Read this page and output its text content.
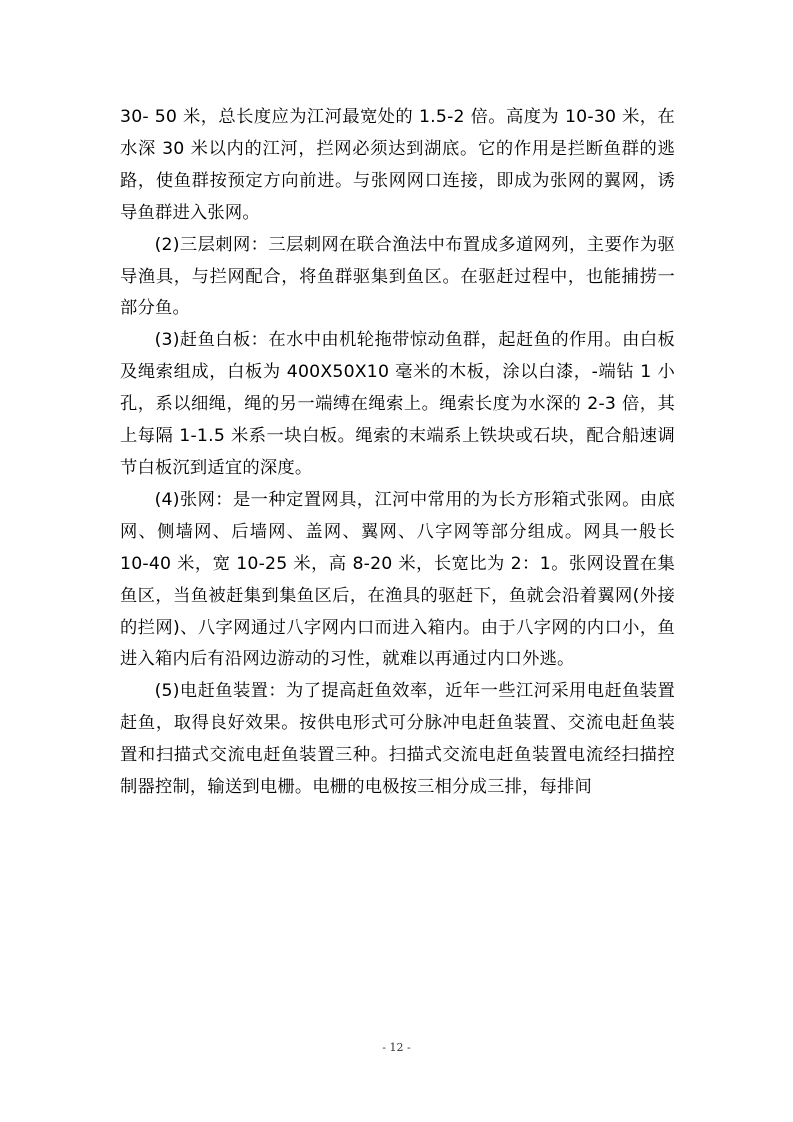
30- 50 米，总长度应为江河最宽处的 1.5-2 倍。高度为 10-30 米，在水深 30 米以内的江河，拦网必须达到湖底。它的作用是拦断鱼群的逃路，使鱼群按预定方向前进。与张网网口连接，即成为张网的翼网，诱导鱼群进入张网。

(2)三层刺网：三层刺网在联合渔法中布置成多道网列，主要作为驱导渔具，与拦网配合，将鱼群驱集到鱼区。在驱赶过程中，也能捕捞一部分鱼。

(3)赶鱼白板：在水中由机轮拖带惊动鱼群，起赶鱼的作用。由白板及绳索组成，白板为 400X50X10 毫米的木板，涂以白漆，-端钻 1 小孔，系以细绳，绳的另一端缚在绳索上。绳索长度为水深的 2-3 倍，其上每隔 1-1.5 米系一块白板。绳索的末端系上铁块或石块，配合船速调节白板沉到适宜的深度。

(4)张网：是一种定置网具，江河中常用的为长方形箱式张网。由底网、侧墙网、后墙网、盖网、翼网、八字网等部分组成。网具一般长 10-40 米，宽 10-25 米，高 8-20 米，长宽比为 2：1。张网设置在集鱼区，当鱼被赶集到集鱼区后，在渔具的驱赶下，鱼就会沿着翼网(外接的拦网)、八字网通过八字网内口而进入箱内。由于八字网的内口小，鱼进入箱内后有沿网边游动的习性，就难以再通过内口外逃。

(5)电赶鱼装置：为了提高赶鱼效率，近年一些江河采用电赶鱼装置赶鱼，取得良好效果。按供电形式可分脉冲电赶鱼装置、交流电赶鱼装置和扫描式交流电赶鱼装置三种。扫描式交流电赶鱼装置电流经扫描控制器控制，输送到电栅。电栅的电极按三相分成三排，每排间

- 12 -
